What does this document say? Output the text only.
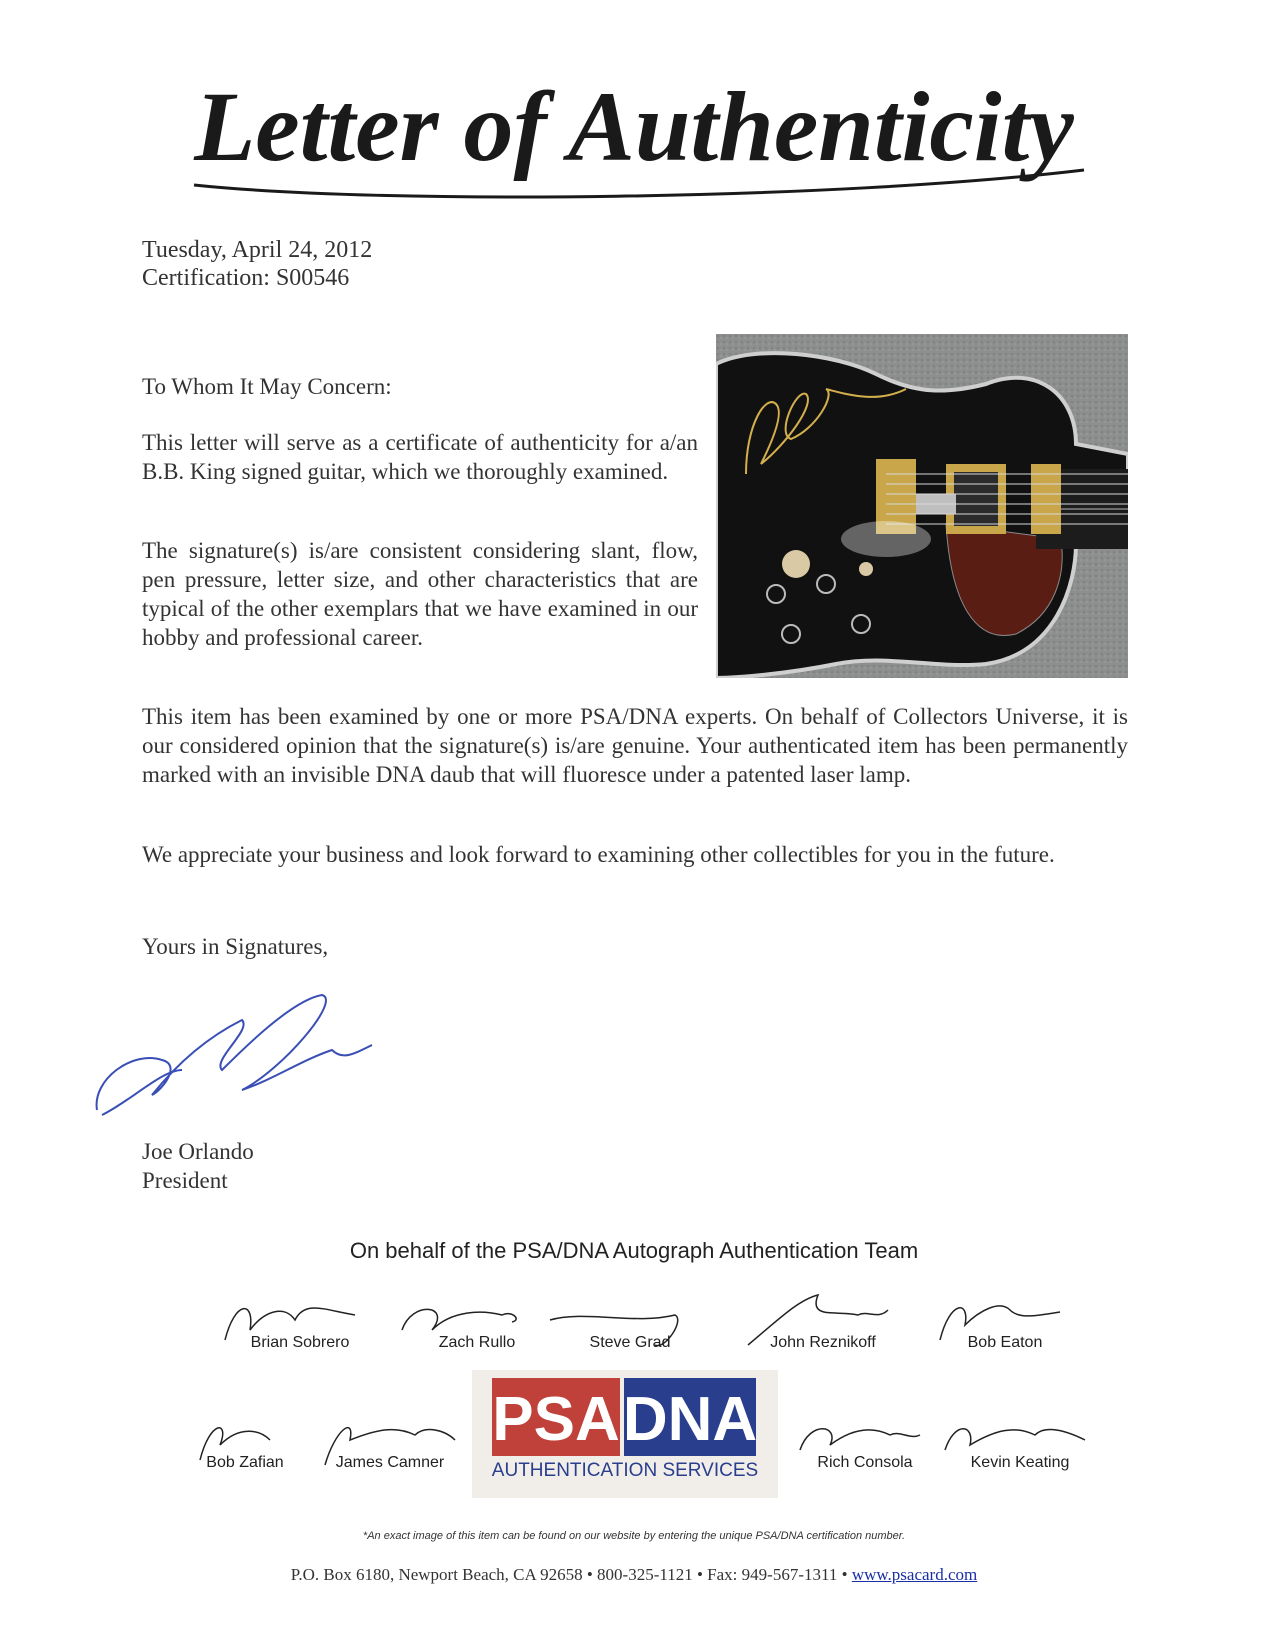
Letter of Authenticity
Tuesday, April 24, 2012
Certification: S00546
To Whom It May Concern:
This letter will serve as a certificate of authenticity for a/an B.B. King signed guitar, which we thoroughly examined.
The signature(s) is/are consistent considering slant, flow, pen pressure, letter size, and other characteristics that are typical of the other exemplars that we have examined in our hobby and professional career.
This item has been examined by one or more PSA/DNA experts. On behalf of Collectors Universe, it is our considered opinion that the signature(s) is/are genuine. Your authenticated item has been permanently marked with an invisible DNA daub that will fluoresce under a patented laser lamp.
We appreciate your business and look forward to examining other collectibles for you in the future.
Yours in Signatures,
Joe Orlando
President
On behalf of the PSA/DNA Autograph Authentication Team
Brian Sobrero	Zach Rullo	Steve Grad	John Reznikoff	Bob Eaton
Bob Zafian	James Camner	Rich Consola	Kevin Keating
PSA DNA
AUTHENTICATION SERVICES
*An exact image of this item can be found on our website by entering the unique PSA/DNA certification number.
P.O. Box 6180, Newport Beach, CA 92658 • 800-325-1121 • Fax: 949-567-1311 • www.psacard.com
